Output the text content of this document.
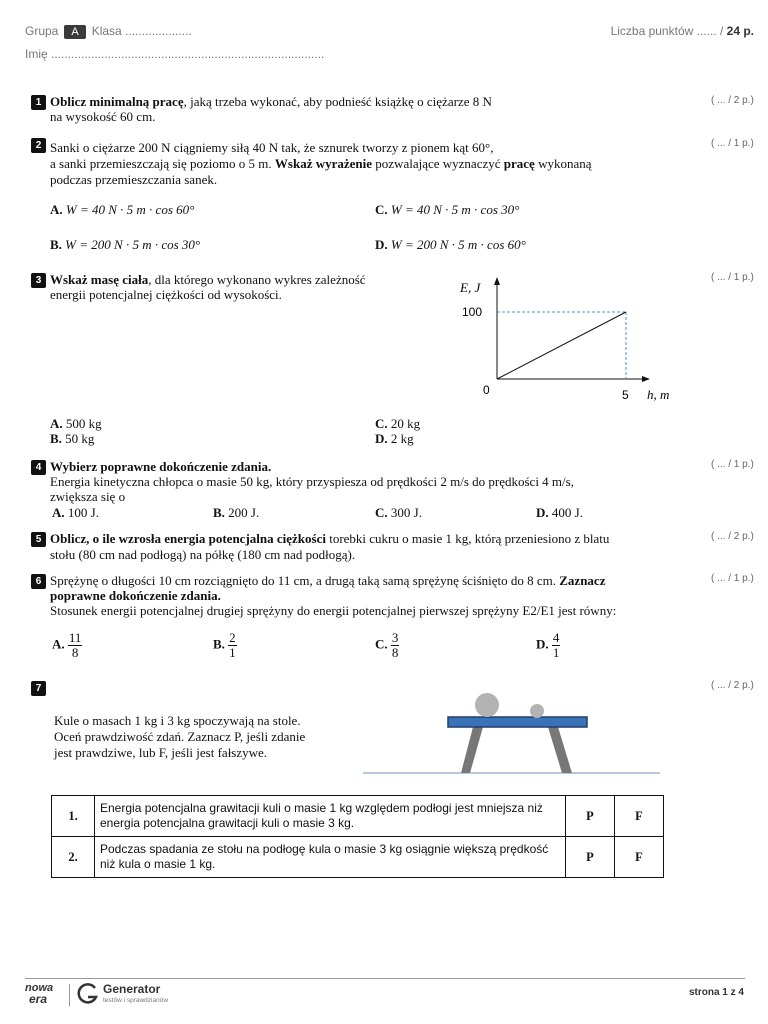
Grupa A Klasa ....................
Imię ..................................................................................
Liczba punktów ...... / 24 p.
1 Oblicz minimalną pracę, jaką trzeba wykonać, aby podnieść książkę o ciężarze 8 N
na wysokość 60 cm.
( ... / 2 p.)
2 Sanki o ciężarze 200 N ciągniemy siłą 40 N tak, że sznurek tworzy z pionem kąt 60°,
a sanki przemieszczają się poziomo o 5 m. Wskaż wyrażenie pozwalające wyznaczyć pracę wykonaną
podczas przemieszczania sanek.
( ... / 1 p.)
A. W = 40 N · 5 m · cos 60°	C. W = 40 N · 5 m · cos 30°
B. W = 200 N · 5 m · cos 30°	D. W = 200 N · 5 m · cos 60°
3 Wskaż masę ciała, dla którego wykonano wykres zależność
energii potencjalnej ciężkości od wysokości.
( ... / 1 p.)
E, J
100
0	5 h, m
A. 500 kg	C. 20 kg
B. 50 kg	D. 2 kg
4 Wybierz poprawne dokończenie zdania.
Energia kinetyczna chłopca o masie 50 kg, który przyspiesza od prędkości 2 m/s do prędkości 4 m/s,
zwiększa się o
( ... / 1 p.)
A. 100 J.	B. 200 J.	C. 300 J.	D. 400 J.
5 Oblicz, o ile wzrosła energia potencjalna ciężkości torebki cukru o masie 1 kg, którą przeniesiono z blatu
stołu (80 cm nad podłogą) na półkę (180 cm nad podłogą).
( ... / 2 p.)
6 Sprężynę o długości 10 cm rozciągnięto do 11 cm, a drugą taką samą sprężynę ściśnięto do 8 cm. Zaznacz
poprawne dokończenie zdania.
Stosunek energii potencjalnej drugiej sprężyny do energii potencjalnej pierwszej sprężyny E2/E1 jest równy:
( ... / 1 p.)
A. $\frac{11}{8}$	B. $\frac{2}{1}$	C. $\frac{3}{8}$	D. $\frac{4}{1}$
7	( ... / 2 p.)
Kule o masach 1 kg i 3 kg spoczywają na stole.
Oceń prawdziwość zdań. Zaznacz P, jeśli zdanie
jest prawdziwe, lub F, jeśli jest fałszywe.
1.	Energia potencjalna grawitacji kuli o masie 1 kg względem podłogi jest mniejsza niż energia potencjalna grawitacji kuli o masie 3 kg.	P	F
2.	Podczas spadania ze stołu na podłogę kula o masie 3 kg osiągnie większą prędkość niż kula o masie 1 kg.	P	F
nowa
era
Generator
testów i sprawdzianów
strona 1 z 4
